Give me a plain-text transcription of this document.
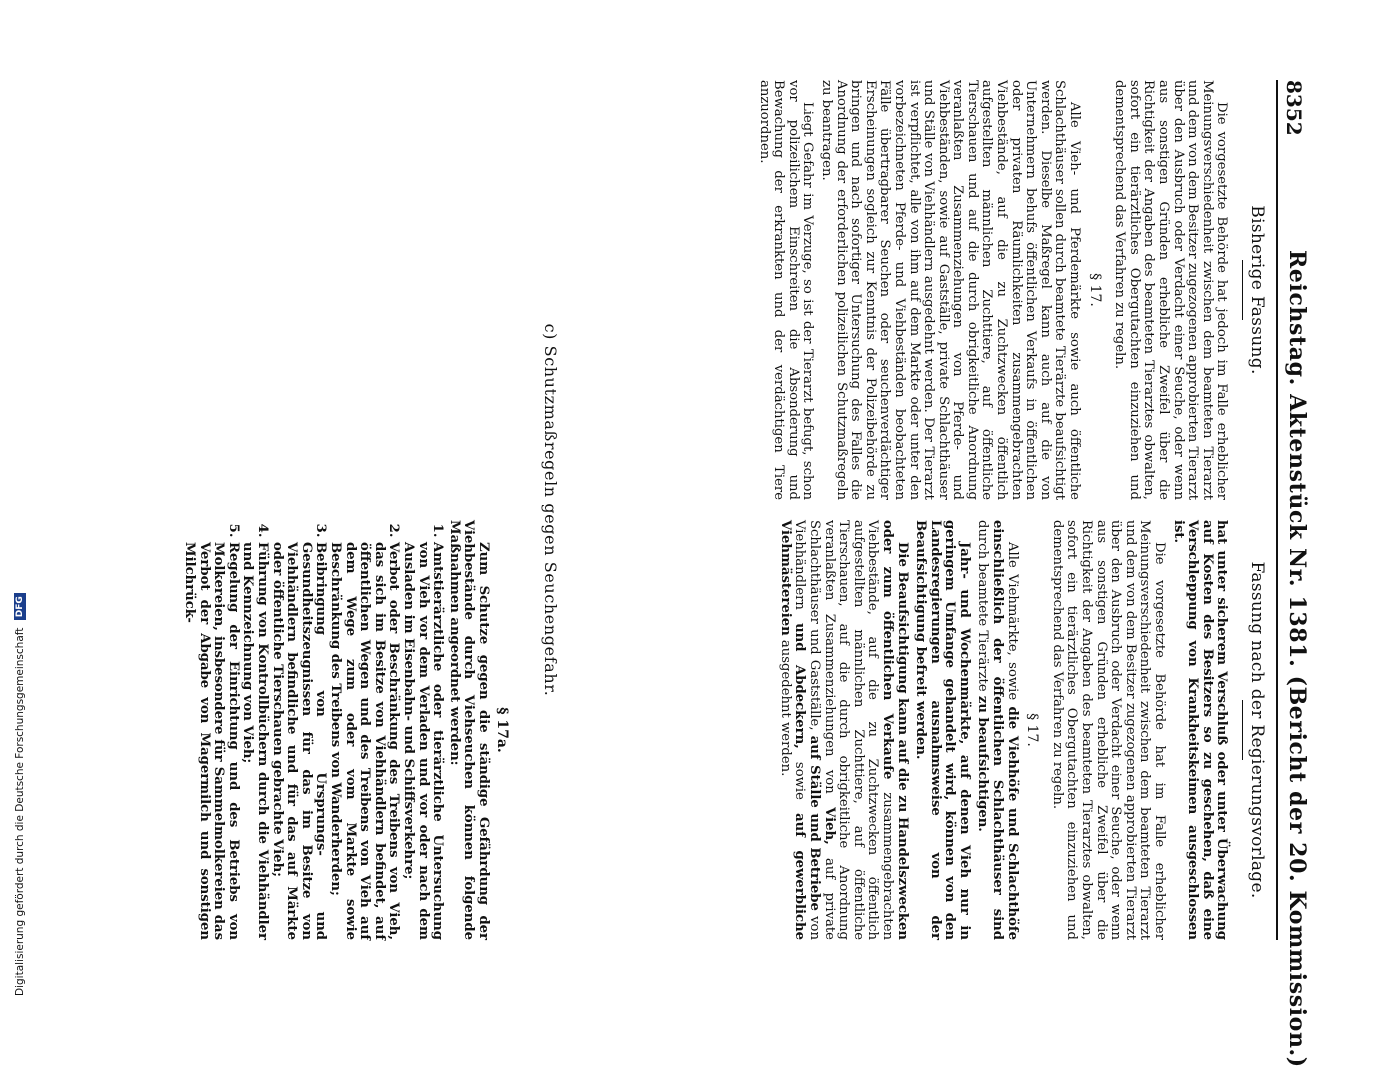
8352
Reichstag. Aktenstück Nr. 1381. (Bericht der 20. Kommission.)
Bisherige Fassung.

Die vorgesetzte Behörde hat jedoch im Falle erheblicher Meinungsverschiedenheit zwischen dem beamteten Tierarzt und dem von dem Besitzer zugezogenen approbierten Tierarzt über den Ausbruch oder Verdacht einer Seuche, oder wenn aus sonstigen Gründen erhebliche Zweifel über die Richtigkeit der Angaben des beamteten Tierarztes obwalten, sofort ein tierärztliches Obergutachten einzuziehen und dementsprechend das Verfahren zu regeln.

§ 17.

Alle Vieh- und Pferdemärkte sowie auch öffentliche Schlachthäuser sollen durch beamtete Tierärzte beaufsichtigt werden. Dieselbe Maßregel kann auch auf die von Unternehmern behufs öffentlichen Verkaufs in öffentlichen oder privaten Räumlichkeiten zusammengebrachten Viehbestände, auf die zu Zuchtzwecken öffentlich aufgestellten männlichen Zuchttiere, auf öffentliche Tierschauen und auf die durch obrigkeitliche Anordnung veranlaßten Zusammenziehungen von Pferde- und Viehbeständen, sowie auf Gastställe, private Schlachthäuser und Ställe von Viehhändlern ausgedehnt werden. Der Tierarzt ist verpflichtet, alle von ihm auf dem Markte oder unter den vorbezeichneten Pferde- und Viehbeständen beobachteten Fälle übertragbarer Seuchen oder seuchenverdächtiger Erscheinungen sogleich zur Kenntnis der Polizeibehörde zu bringen und nach sofortiger Untersuchung des Falles die Anordnung der erforderlichen polizeilichen Schutzmaßregeln zu beantragen.

Liegt Gefahr im Verzuge, so ist der Tierarzt befugt, schon vor polizeilichem Einschreiten die Absonderung und Bewachung der erkrankten und der verdächtigen Tiere anzuordnen.

Fassung nach der Regierungsvorlage.

hat unter sicherem Verschluß oder unter Überwachung auf Kosten des Besitzers so zu geschehen, daß eine Verschleppung von Krankheitskeimen ausgeschlossen ist.

Die vorgesetzte Behörde hat im Falle erheblicher Meinungsverschiedenheit zwischen dem beamteten Tierarzt und dem von dem Besitzer zugezogenen approbierten Tierarzt über den Ausbruch oder Verdacht einer Seuche, oder wenn aus sonstigen Gründen erhebliche Zweifel über die Richtigkeit der Angaben des beamteten Tierarztes obwalten, sofort ein tierärztliches Obergutachten einzuziehen und dementsprechend das Verfahren zu regeln.

§ 17.

Alle Viehmärkte, sowie die Viehhöfe und Schlachthöfe einschließlich der öffentlichen Schlachthäuser sind durch beamtete Tierärzte zu beaufsichtigen.

Jahr- und Wochenmärkte, auf denen Vieh nur in geringem Umfange gehandelt wird, können von den Landesregierungen ausnahmsweise von der Beaufsichtigung befreit werden.

Die Beaufsichtigung kann auf die zu Handelszwecken oder zum öffentlichen Verkaufe zusammengebrachten Viehbestände, auf die zu Zuchtzwecken öffentlich aufgestellten männlichen Zuchttiere, auf öffentliche Tierschauen, auf die durch obrigkeitliche Anordnung veranlaßten Zusammenziehungen von Vieh, auf private Schlachthäuser und Gastställe, auf Ställe und Betriebe von Viehhändlern und Abdeckern, sowie auf gewerbliche Viehmästereien ausgedehnt werden.

c) Schutzmaßregeln gegen Seuchengefahr.
§ 17a.

Zum Schutze gegen die ständige Gefährdung der Viehbestände durch Viehseuchen können folgende Maßnahmen angeordnet werden:

1. Amtstierärztliche oder tierärztliche Untersuchung von Vieh vor dem Verladen und vor oder nach dem Ausladen im Eisenbahn- und Schiffsverkehre;
2. Verbot oder Beschränkung des Treibens von Vieh, das sich im Besitze von Viehhändlern befindet, auf öffentlichen Wegen und des Treibens von Vieh auf dem Wege zum oder vom Markte sowie Beschränkung des Treibens von Wanderherden;
3. Beibringung von Ursprungs- und Gesundheitszeugnissen für das im Besitze von Viehhändlern befindliche und für das auf Märkte oder öffentliche Tierschauen gebrachte Vieh;
4. Führung von Kontrollbüchern durch die Viehhändler und Kennzeichnung von Vieh;
5. Regelung der Einrichtung und des Betriebs von Molkereien, insbesondere für Sammelmolkereien das Verbot der Abgabe von Magermilch und sonstigen Milchrück-
Digitalisierung gefördert durch die Deutsche Forschungsgemeinschaft DFG
